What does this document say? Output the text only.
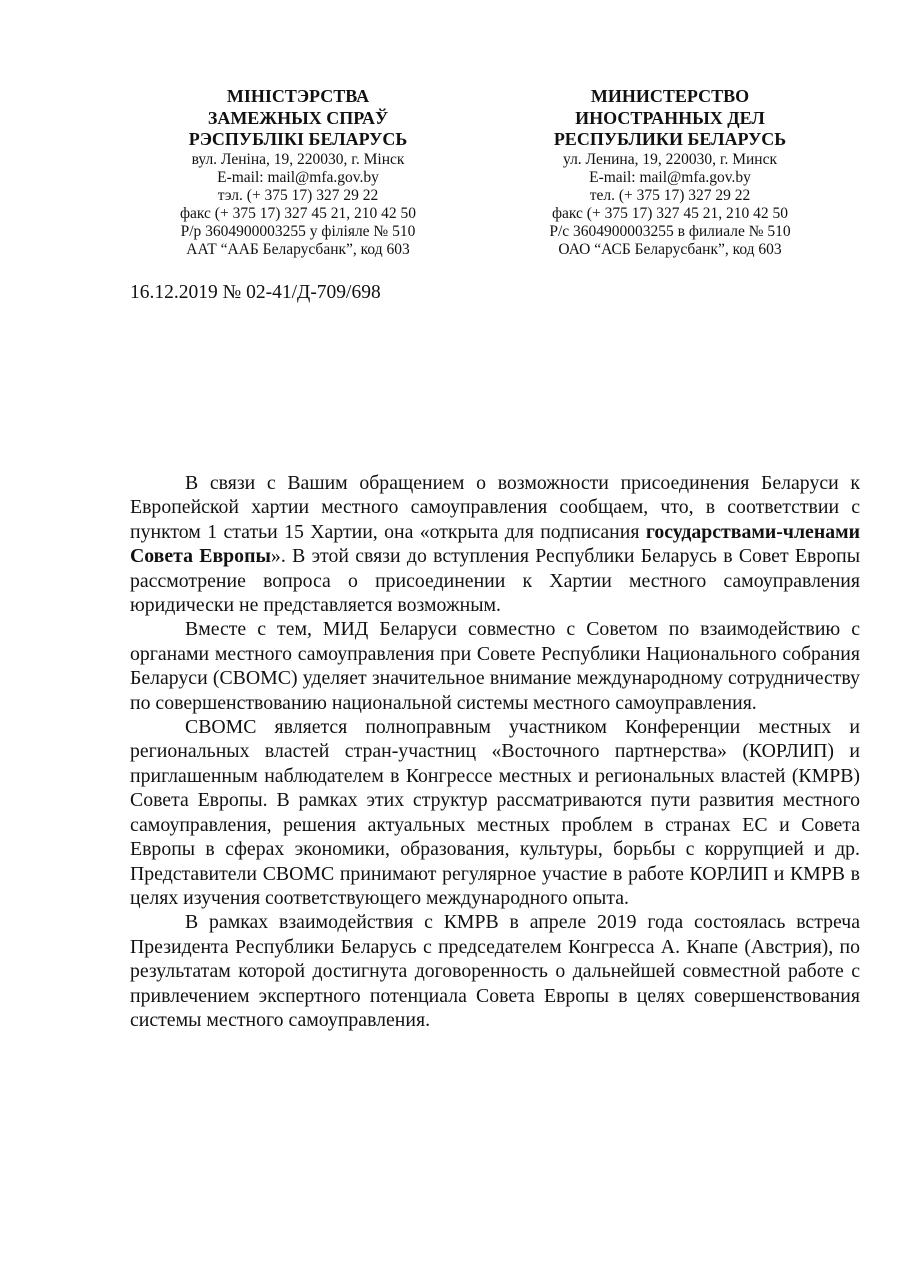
МІНІСТЭРСТВА
ЗАМЕЖНЫХ СПРАЎ
РЭСПУБЛІКІ БЕЛАРУСЬ
вул. Леніна, 19, 220030, г. Мінск
E-mail: mail@mfa.gov.by
тэл. (+ 375 17) 327 29 22
факс (+ 375 17) 327 45 21, 210 42 50
Р/р 3604900003255 у філіяле № 510
ААТ “ААБ Беларусбанк”, код 603
МИНИСТЕРСТВО
ИНОСТРАННЫХ ДЕЛ
РЕСПУБЛИКИ БЕЛАРУСЬ
ул. Ленина, 19, 220030, г. Минск
E-mail: mail@mfa.gov.by
тел. (+ 375 17) 327 29 22
факс (+ 375 17) 327 45 21, 210 42 50
Р/с 3604900003255 в филиале № 510
ОАО “АСБ Беларусбанк”, код 603
16.12.2019 № 02-41/Д-709/698

В связи с Вашим обращением о возможности присоединения Беларуси к Европейской хартии местного самоуправления сообщаем, что, в соответствии с пунктом 1 статьи 15 Хартии, она «открыта для подписания государствами-членами Совета Европы». В этой связи до вступления Республики Беларусь в Совет Европы рассмотрение вопроса о присоединении к Хартии местного самоуправления юридически не представляется возможным.

Вместе с тем, МИД Беларуси совместно с Советом по взаимодействию с органами местного самоуправления при Совете Республики Национального собрания Беларуси (СВОМС) уделяет значительное внимание международному сотрудничеству по совершенствованию национальной системы местного самоуправления.

СВОМС является полноправным участником Конференции местных и региональных властей стран-участниц «Восточного партнерства» (КОРЛИП) и приглашенным наблюдателем в Конгрессе местных и региональных властей (КМРВ) Совета Европы. В рамках этих структур рассматриваются пути развития местного самоуправления, решения актуальных местных проблем в странах ЕС и Совета Европы в сферах экономики, образования, культуры, борьбы с коррупцией и др. Представители СВОМС принимают регулярное участие в работе КОРЛИП и КМРВ в целях изучения соответствующего международного опыта.

В рамках взаимодействия с КМРВ в апреле 2019 года состоялась встреча Президента Республики Беларусь с председателем Конгресса А. Кнапе (Австрия), по результатам которой достигнута договоренность о дальнейшей совместной работе с привлечением экспертного потенциала Совета Европы в целях совершенствования системы местного самоуправления.
